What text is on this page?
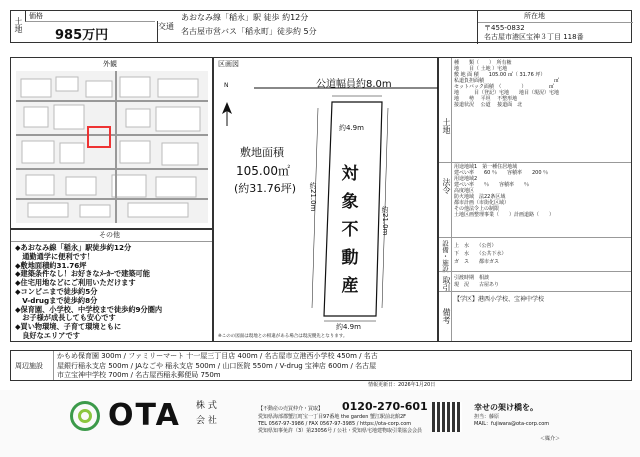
土地
価格
985万円
交通
あおなみ線「稲永」駅 徒歩 約12分
名古屋市営バス「稲永町」徒歩約 5分
所在地
〒455-0832
名古屋市港区宝神３丁目 118番
外観
その他
◆あおなみ線「稲永」駅徒歩約12分
　通勤通学に便利です！
◆敷地面積約31.76坪
◆建築条件なし！お好きなﾒｰｶｰで建築可能
◆住宅用地などにご利用いただけます
◆コンビニまで徒歩約5分
　V-drugまで徒歩約8分
◆保育園、小学校、中学校まで徒歩約9分圏内
　お子様が成長しても安心です
◆買い物環境、子育て環境ともに
　良好なエリアです
区画図
N	公道幅員約8.0m
約4.9m
約4.9m
約21.0m
約21.0m
敷地面積
105.00㎡
(約31.76坪)
対
象
不
動
産
※このの図面は現地との相違がある場合は現況優先となります。
土地
種　　類（　　）　所有権
地　　目（ 土地 ）宅地
敷 地 面 積　　105.00 ㎡（ 31.76 坪）
私道負担面積　　　　　　　　　　　　　　㎡
セットバック面積　（　　　　）　　　　　㎡
地　　　目（登記）宅地　　地目（現況）宅地
地　　勢　 平坦 　不整形地
接道状況　 公道 　接道面　北
法令
用途地域1　第一種住居地域
建ぺい率　　60 ％　　容積率　　200 ％
用途地域2
建ぺい率　　％　　容積率　　％
高度地区
防火地域　法22条区域
都市計画（市街化区域）
その他法令上の制限
土地区画整理事業（　　）計画道路（　　）
設備・施設 上　水　　（公営）
下　水　　（公共下水）
ガ　ス　　都市ガス
取引 引渡時期　相談
現　況　　古屋あり
備考
【学区】港西小学校、宝神中学校
周辺施設
かもめ保育園 300m / ファミリーマート 十一屋三丁目店 400m / 名古屋市立港西小学校 450m / 名古
屋銀行稲永支店 500m / JAなごや 稲永支店 500m / 山口医院 550m / V-drug 宝神店 600m / 名古屋
市立宝神中学校 700m / 名古屋西稲永郵便局 750m
情報更新日：2026年1月20日
OTA 株 式
会 社
【不動産の売買仲介・買取】 0120-270-601
愛知県海部郡蟹江町宝一丁目97番地 the garden 蟹江駅前北館2F
TEL 0567-97-3986 / FAX 0567-97-3985 / https://ota-corp.com
愛知県知事免許（3）第23056号 / 公社・愛知県宅地建物取引業協会会員
幸せの架け橋を。
担当：藤原
MAIL：fujiwara@ota-corp.com
＜媒介＞
